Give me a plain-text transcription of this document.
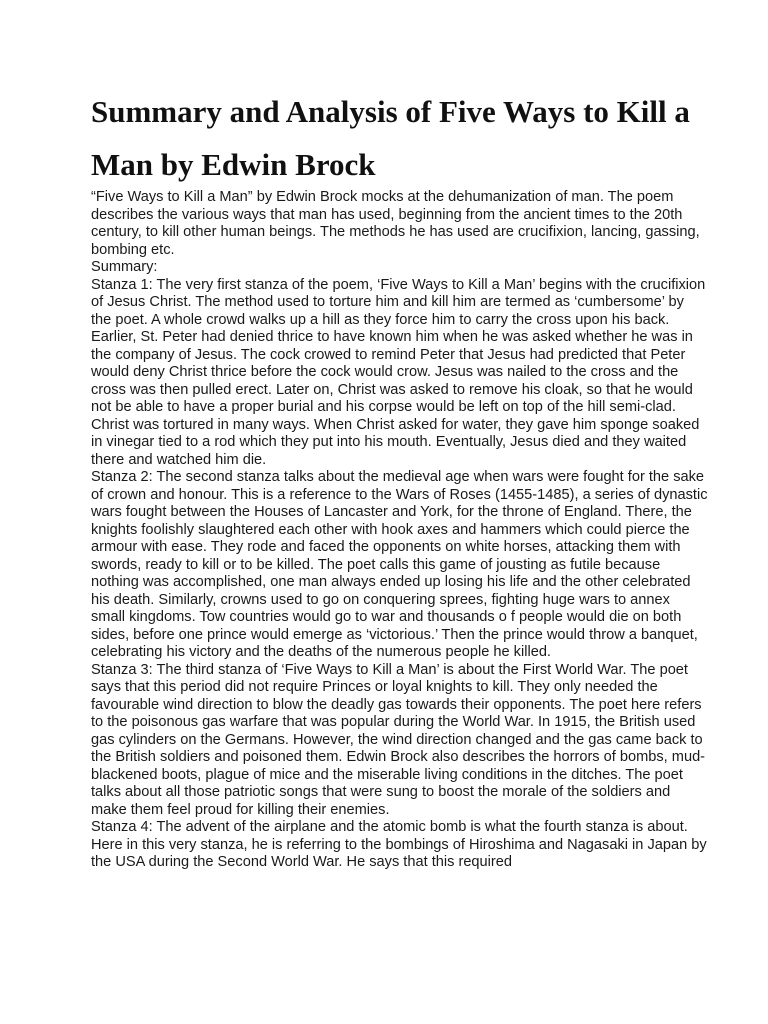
Summary and Analysis of Five Ways to Kill a Man by Edwin Brock

“Five Ways to Kill a Man” by Edwin Brock mocks at the dehumanization of man. The poem describes the various ways that man has used, beginning from the ancient times to the 20th century, to kill other human beings. The methods he has used are crucifixion, lancing, gassing, bombing etc.

Summary:

Stanza 1: The very first stanza of the poem, ‘Five Ways to Kill a Man’ begins with the crucifixion of Jesus Christ. The method used to torture him and kill him are termed as ‘cumbersome’ by the poet. A whole crowd walks up a hill as they force him to carry the cross upon his back. Earlier, St. Peter had denied thrice to have known him when he was asked whether he was in the company of Jesus. The cock crowed to remind Peter that Jesus had predicted that Peter would deny Christ thrice before the cock would crow. Jesus was nailed to the cross and the cross was then pulled erect. Later on, Christ was asked to remove his cloak, so that he would not be able to have a proper burial and his corpse would be left on top of the hill semi-clad. Christ was tortured in many ways. When Christ asked for water, they gave him sponge soaked in vinegar tied to a rod which they put into his mouth. Eventually, Jesus died and they waited there and watched him die.

Stanza 2: The second stanza talks about the medieval age when wars were fought for the sake of crown and honour. This is a reference to the Wars of Roses (1455-1485), a series of dynastic wars fought between the Houses of Lancaster and York, for the throne of England. There, the knights foolishly slaughtered each other with hook axes and hammers which could pierce the armour with ease. They rode and faced the opponents on white horses, attacking them with swords, ready to kill or to be killed. The poet calls this game of jousting as futile because nothing was accomplished, one man always ended up losing his life and the other celebrated his death. Similarly, crowns used to go on conquering sprees, fighting huge wars to annex small kingdoms. Tow countries would go to war and thousands o f people would die on both sides, before one prince would emerge as ‘victorious.’ Then the prince would throw a banquet, celebrating his victory and the deaths of the numerous people he killed.

Stanza 3: The third stanza of ‘Five Ways to Kill a Man’ is about the First World War. The poet says that this period did not require Princes or loyal knights to kill. They only needed the favourable wind direction to blow the deadly gas towards their opponents. The poet here refers to the poisonous gas warfare that was popular during the World War. In 1915, the British used gas cylinders on the Germans. However, the wind direction changed and the gas came back to the British soldiers and poisoned them. Edwin Brock also describes the horrors of bombs, mud-blackened boots, plague of mice and the miserable living conditions in the ditches. The poet talks about all those patriotic songs that were sung to boost the morale of the soldiers and make them feel proud for killing their enemies.

Stanza 4: The advent of the airplane and the atomic bomb is what the fourth stanza is about. Here in this very stanza, he is referring to the bombings of Hiroshima and Nagasaki in Japan by the USA during the Second World War. He says that this required
